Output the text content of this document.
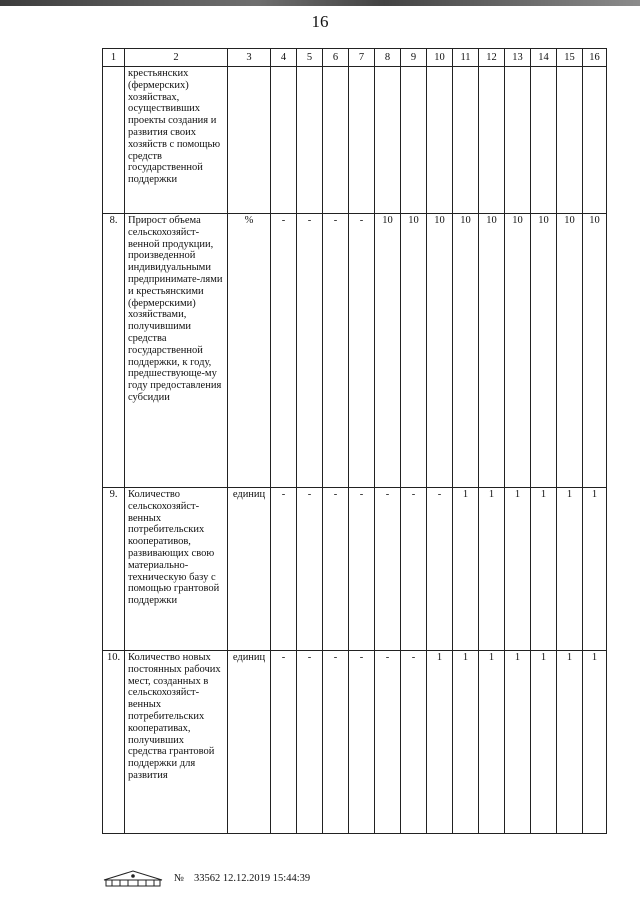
16
1	2	3	4	5	6	7	8	9	10	11	12	13	14	15	16
	крестьянских (фермерских) хозяйствах, осуществивших проекты создания и развития своих хозяйств с помощью средств государственной поддержки														
8.	Прирост объема сельскохозяйст-венной продукции, произведенной индивидуальными предпринимате-лями и крестьянскими (фермерскими) хозяйствами, получившими средства государственной поддержки, к году, предшествующе-му году предоставления субсидии	%	-	-	-	-	10	10	10	10	10	10	10	10	10
9.	Количество сельскохозяйст-венных потребительских кооперативов, развивающих свою материально-техническую базу с помощью грантовой поддержки	единиц	-	-	-	-	-	-	-	1	1	1	1	1	1
10.	Количество новых постоянных рабочих мест, созданных в сельскохозяйст-венных потребительских кооперативах, получивших средства грантовой поддержки для развития	единиц	-	-	-	-	-	-	1	1	1	1	1	1	1
№ 33562 12.12.2019 15:44:39
